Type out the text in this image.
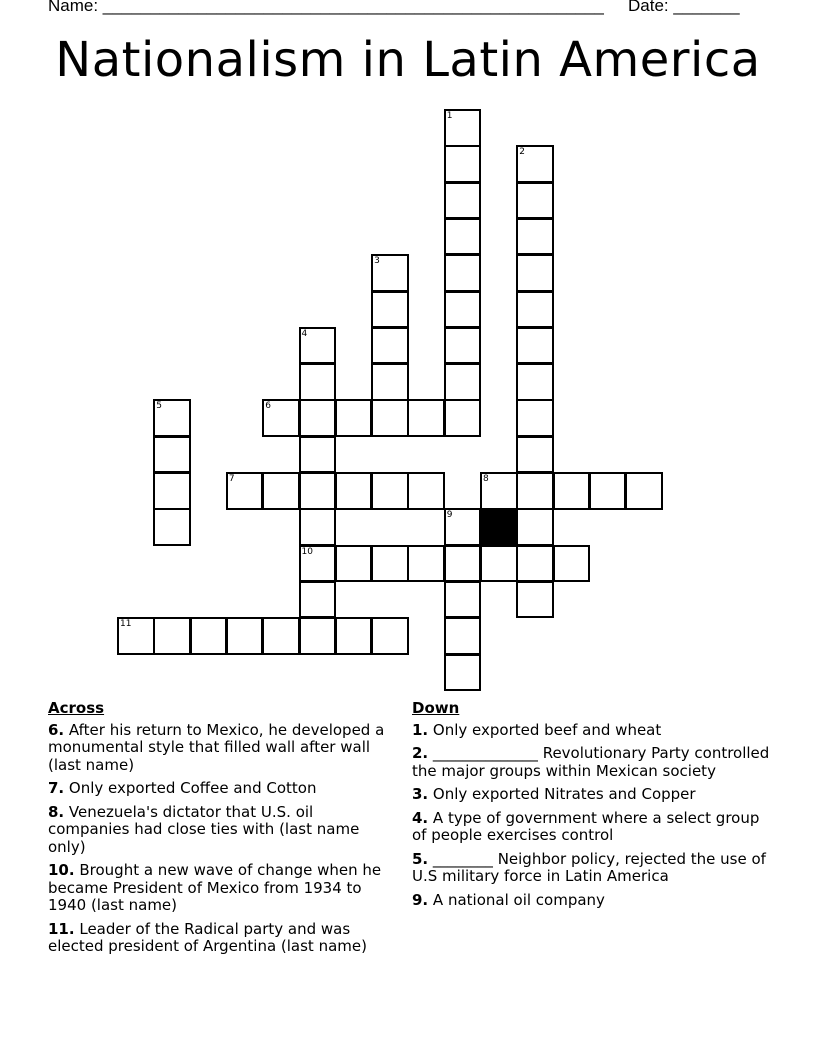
Name: _____________________________________________________ Date: _______
Nationalism in Latin America
1
2
3
4
5	6
7	8
9
10
11
Across
6. After his return to Mexico, he developed a monumental style that filled wall after wall (last name)
7. Only exported Coffee and Cotton
8. Venezuela's dictator that U.S. oil companies had close ties with (last name only)
10. Brought a new wave of change when he became President of Mexico from 1934 to 1940 (last name)
11. Leader of the Radical party and was elected president of Argentina (last name)
Down
1. Only exported beef and wheat
2. ______________ Revolutionary Party controlled the major groups within Mexican society
3. Only exported Nitrates and Copper
4. A type of government where a select group of people exercises control
5. ________ Neighbor policy, rejected the use of U.S military force in Latin America
9. A national oil company
